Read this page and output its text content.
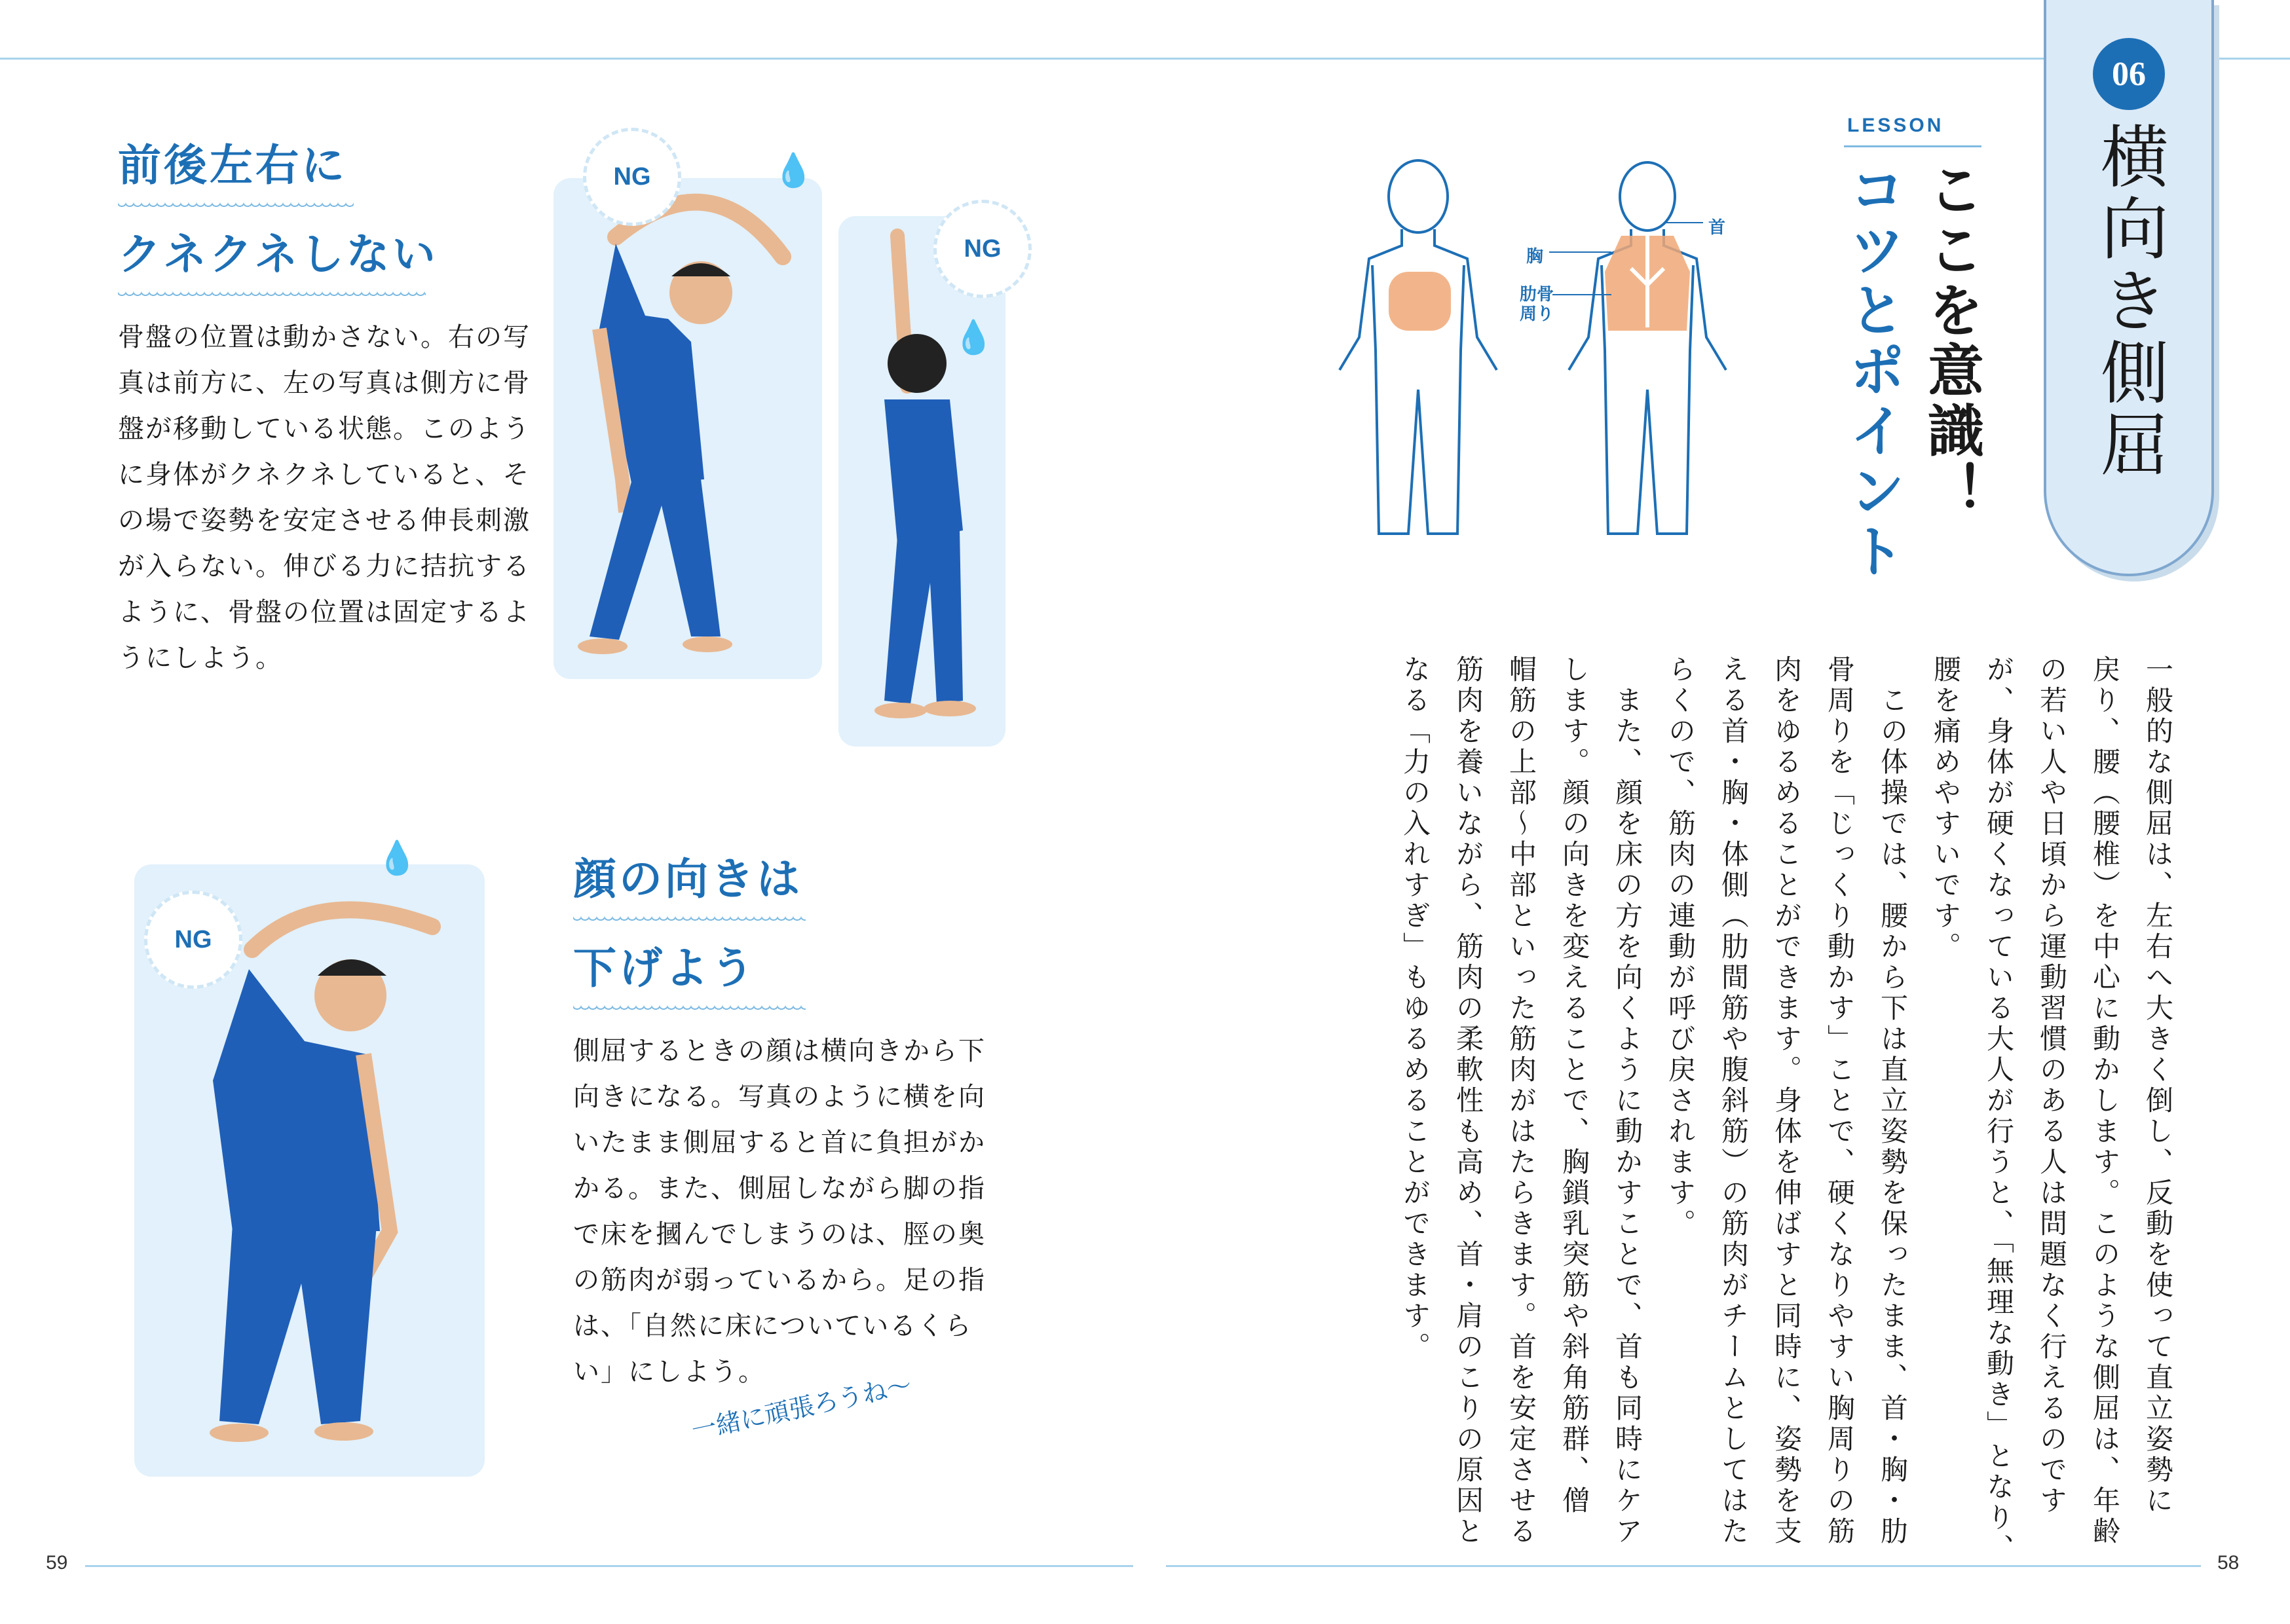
59	58
前後左右に
クネクネしない
骨盤の位置は動かさない。右の写
真は前方に、左の写真は側方に骨
盤が移動している状態。このよう
に身体がクネクネしていると、そ
の場で姿勢を安定させる伸長刺激
が入らない。伸びる力に拮抗する
ように、骨盤の位置は固定するよ
うにしよう。
NG	💧
NG
💧
NG
💧	顔の向きは
下げよう
側屈するときの顔は横向きから下
向きになる。写真のように横を向
いたまま側屈すると首に負担がか
かる。また、側屈しながら脚の指
で床を摑んでしまうのは、脛の奥
の筋肉が弱っているから。足の指
は、「自然に床についているくら
い」にしよう。
一緒に頑張ろうね〜
06
横向き側屈
LESSON
ここを意識！
コツとポイント
首
胸
肋骨周り
一般的な側屈は、左右へ大きく倒し、反動を使って直立姿勢に
戻り、腰（腰椎）を中心に動かします。このような側屈は、年齢
の若い人や日頃から運動習慣のある人は問題なく行えるのです
が、身体が硬くなっている大人が行うと、「無理な動き」となり、
腰を痛めやすいです。
　この体操では、腰から下は直立姿勢を保ったまま、首・胸・肋
骨周りを「じっくり動かす」ことで、硬くなりやすい胸周りの筋
肉をゆるめることができます。身体を伸ばすと同時に、姿勢を支
える首・胸・体側（肋間筋や腹斜筋）の筋肉がチームとしてはた
らくので、筋肉の連動が呼び戻されます。
　また、顔を床の方を向くように動かすことで、首も同時にケア
します。顔の向きを変えることで、胸鎖乳突筋や斜角筋群、僧
帽筋の上部〜中部といった筋肉がはたらきます。首を安定させる
筋肉を養いながら、筋肉の柔軟性も高め、首・肩のこりの原因と
なる「力の入れすぎ」もゆるめることができます。
